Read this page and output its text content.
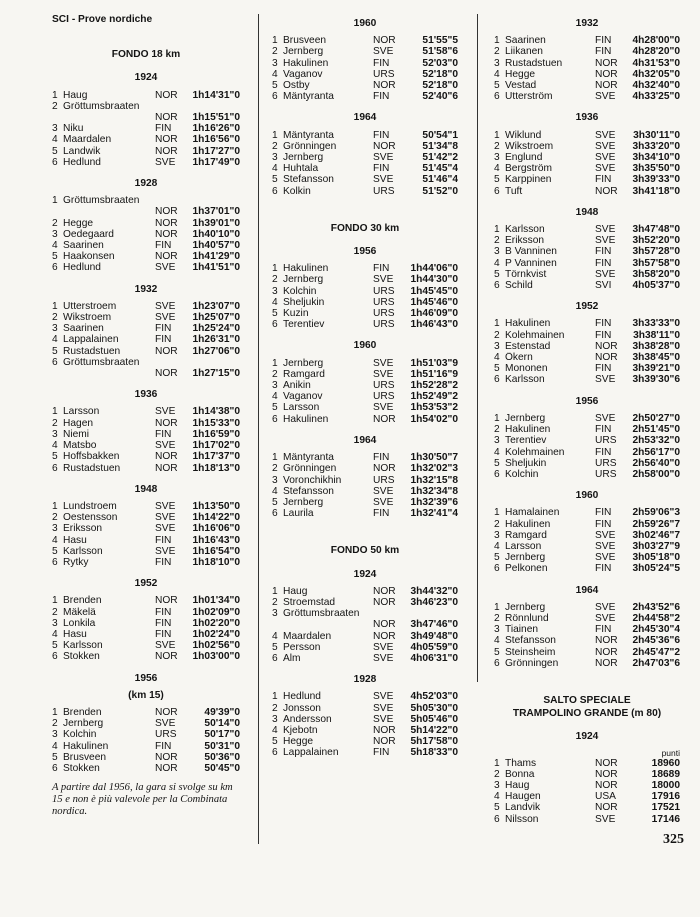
SCI - Prove nordiche
FONDO 18 km
1924
1 Haug	NOR	1h14'31"0
2 Gröttumsbraaten
NOR	1h15'51"0
3 Niku	FIN	1h16'26"0
4 Maardalen	NOR	1h16'56"0
5 Landwik	NOR	1h17'27"0
6 Hedlund	SVE	1h17'49"0
1928
1 Gröttumsbraaten
NOR	1h37'01"0
2 Hegge	NOR	1h39'01"0
3 Oedegaard	NOR	1h40'10"0
4 Saarinen	FIN	1h40'57"0
5 Haakonsen	NOR	1h41'29"0
6 Hedlund	SVE	1h41'51"0
1932
1 Utterstroem	SVE	1h23'07"0
2 Wikstroem	SVE	1h25'07"0
3 Saarinen	FIN	1h25'24"0
4 Lappalainen	FIN	1h26'31"0
5 Rustadstuen	NOR	1h27'06"0
6 Gröttumsbraaten
NOR	1h27'15"0
1936
1 Larsson	SVE	1h14'38"0
2 Hagen	NOR	1h15'33"0
3 Niemi	FIN	1h16'59"0
4 Matsbo	SVE	1h17'02"0
5 Hoffsbakken	NOR	1h17'37"0
6 Rustadstuen	NOR	1h18'13"0
1948
1 Lundstroem	SVE	1h13'50"0
2 Oestensson	SVE	1h14'22"0
3 Eriksson	SVE	1h16'06"0
4 Hasu	FIN	1h16'43"0
5 Karlsson	SVE	1h16'54"0
6 Rytky	FIN	1h18'10"0
1952
1 Brenden	NOR	1h01'34"0
2 Mäkelä	FIN	1h02'09"0
3 Lonkila	FIN	1h02'20"0
4 Hasu	FIN	1h02'24"0
5 Karlsson	SVE	1h02'56"0
6 Stokken	NOR	1h03'00"0
1956
(km 15)
1 Brenden	NOR	49'39"0
2 Jernberg	SVE	50'14"0
3 Kolchin	URS	50'17"0
4 Hakulinen	FIN	50'31"0
5 Brusveen	NOR	50'36"0
6 Stokken	NOR	50'45"0
A partire dal 1956, la gara si svolge su km 15 e non è più valevole per la Combinata nordica.
1960
1 Brusveen	NOR	51'55"5
2 Jernberg	SVE	51'58"6
3 Hakulinen	FIN	52'03"0
4 Vaganov	URS	52'18"0
5 Ostby	NOR	52'18"0
6 Mäntyranta	FIN	52'40"6
1964
1 Mäntyranta	FIN	50'54"1
2 Grönningen	NOR	51'34"8
3 Jernberg	SVE	51'42"2
4 Huhtala	FIN	51'45"4
5 Stefansson	SVE	51'46"4
6 Kolkin	URS	51'52"0
FONDO 30 km
1956
1 Hakulinen	FIN	1h44'06"0
2 Jernberg	SVE	1h44'30"0
3 Kolchin	URS	1h45'45"0
4 Sheljukin	URS	1h45'46"0
5 Kuzin	URS	1h46'09"0
6 Terentiev	URS	1h46'43"0
1960
1 Jernberg	SVE	1h51'03"9
2 Ramgard	SVE	1h51'16"9
3 Anikin	URS	1h52'28"2
4 Vaganov	URS	1h52'49"2
5 Larsson	SVE	1h53'53"2
6 Hakulinen	NOR	1h54'02"0
1964
1 Mäntyranta	FIN	1h30'50"7
2 Grönningen	NOR	1h32'02"3
3 Voronchikhin	URS	1h32'15"8
4 Stefansson	SVE	1h32'34"8
5 Jernberg	SVE	1h32'39"6
6 Laurila	FIN	1h32'41"4
FONDO 50 km
1924
1 Haug	NOR	3h44'32"0
2 Stroemstad	NOR	3h46'23"0
3 Gröttumsbraaten
NOR	3h47'46"0
4 Maardalen	NOR	3h49'48"0
5 Persson	SVE	4h05'59"0
6 Alm	SVE	4h06'31"0
1928
1 Hedlund	SVE	4h52'03"0
2 Jonsson	SVE	5h05'30"0
3 Andersson	SVE	5h05'46"0
4 Kjebotn	NOR	5h14'22"0
5 Hegge	NOR	5h17'58"0
6 Lappalainen	FIN	5h18'33"0
1932
1 Saarinen	FIN	4h28'00"0
2 Liikanen	FIN	4h28'20"0
3 Rustadstuen	NOR	4h31'53"0
4 Hegge	NOR	4h32'05"0
5 Vestad	NOR	4h32'40"0
6 Utterström	SVE	4h33'25"0
1936
1 Wiklund	SVE	3h30'11"0
2 Wikstroem	SVE	3h33'20"0
3 Englund	SVE	3h34'10"0
4 Bergström	SVE	3h35'50"0
5 Karppinen	FIN	3h39'33"0
6 Tuft	NOR	3h41'18"0
1948
1 Karlsson	SVE	3h47'48"0
2 Eriksson	SVE	3h52'20"0
3 B Vanninen	FIN	3h57'28"0
4 P Vanninen	FIN	3h57'58"0
5 Törnkvist	SVE	3h58'20"0
6 Schild	SVI	4h05'37"0
1952
1 Hakulinen	FIN	3h33'33"0
2 Kolehmainen	FIN	3h38'11"0
3 Estenstad	NOR	3h38'28"0
4 Ökern	NOR	3h38'45"0
5 Mononen	FIN	3h39'21"0
6 Karlsson	SVE	3h39'30"6
1956
1 Jernberg	SVE	2h50'27"0
2 Hakulinen	FIN	2h51'45"0
3 Terentiev	URS	2h53'32"0
4 Kolehmainen	FIN	2h56'17"0
5 Sheljukin	URS	2h56'40"0
6 Kolchin	URS	2h58'00"0
1960
1 Hamalainen	FIN	2h59'06"3
2 Hakulinen	FIN	2h59'26"7
3 Ramgard	SVE	3h02'46"7
4 Larsson	SVE	3h03'27"9
5 Jernberg	SVE	3h05'18"0
6 Pelkonen	FIN	3h05'24"5
1964
1 Jernberg	SVE	2h43'52"6
2 Rönnlund	SVE	2h44'58"2
3 Tiainen	FIN	2h45'30"4
4 Stefansson	NOR	2h45'36"6
5 Steinsheim	NOR	2h45'47"2
6 Grönningen	NOR	2h47'03"6
SALTO SPECIALE
TRAMPOLINO GRANDE (m 80)
1924
punti
1 Thams	NOR	18960
2 Bonna	NOR	18689
3 Haug	NOR	18000
4 Haugen	USA	17916
5 Landvik	NOR	17521
6 Nilsson	SVE	17146
325
